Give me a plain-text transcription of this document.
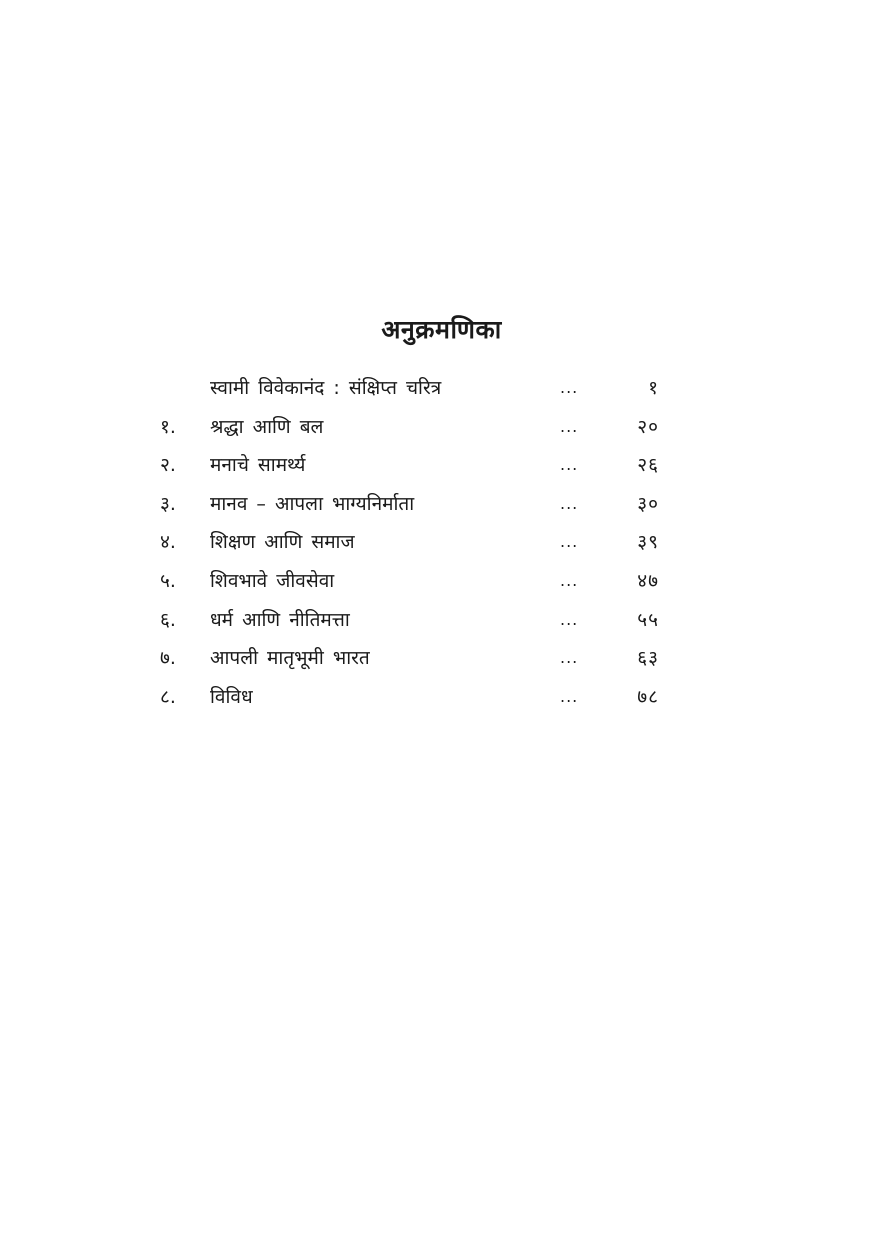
अनुक्रमणिका
स्वामी विवेकानंद : संक्षिप्त चरित्र	...	१
१. श्रद्धा आणि बल	...	२०
२. मनाचे सामर्थ्य	...	२६
३. मानव – आपला भाग्यनिर्माता	...	३०
४. शिक्षण आणि समाज	...	३९
५. शिवभावे जीवसेवा	...	४७
६. धर्म आणि नीतिमत्ता	...	५५
७. आपली मातृभूमी भारत	...	६३
८. विविध	...	७८
